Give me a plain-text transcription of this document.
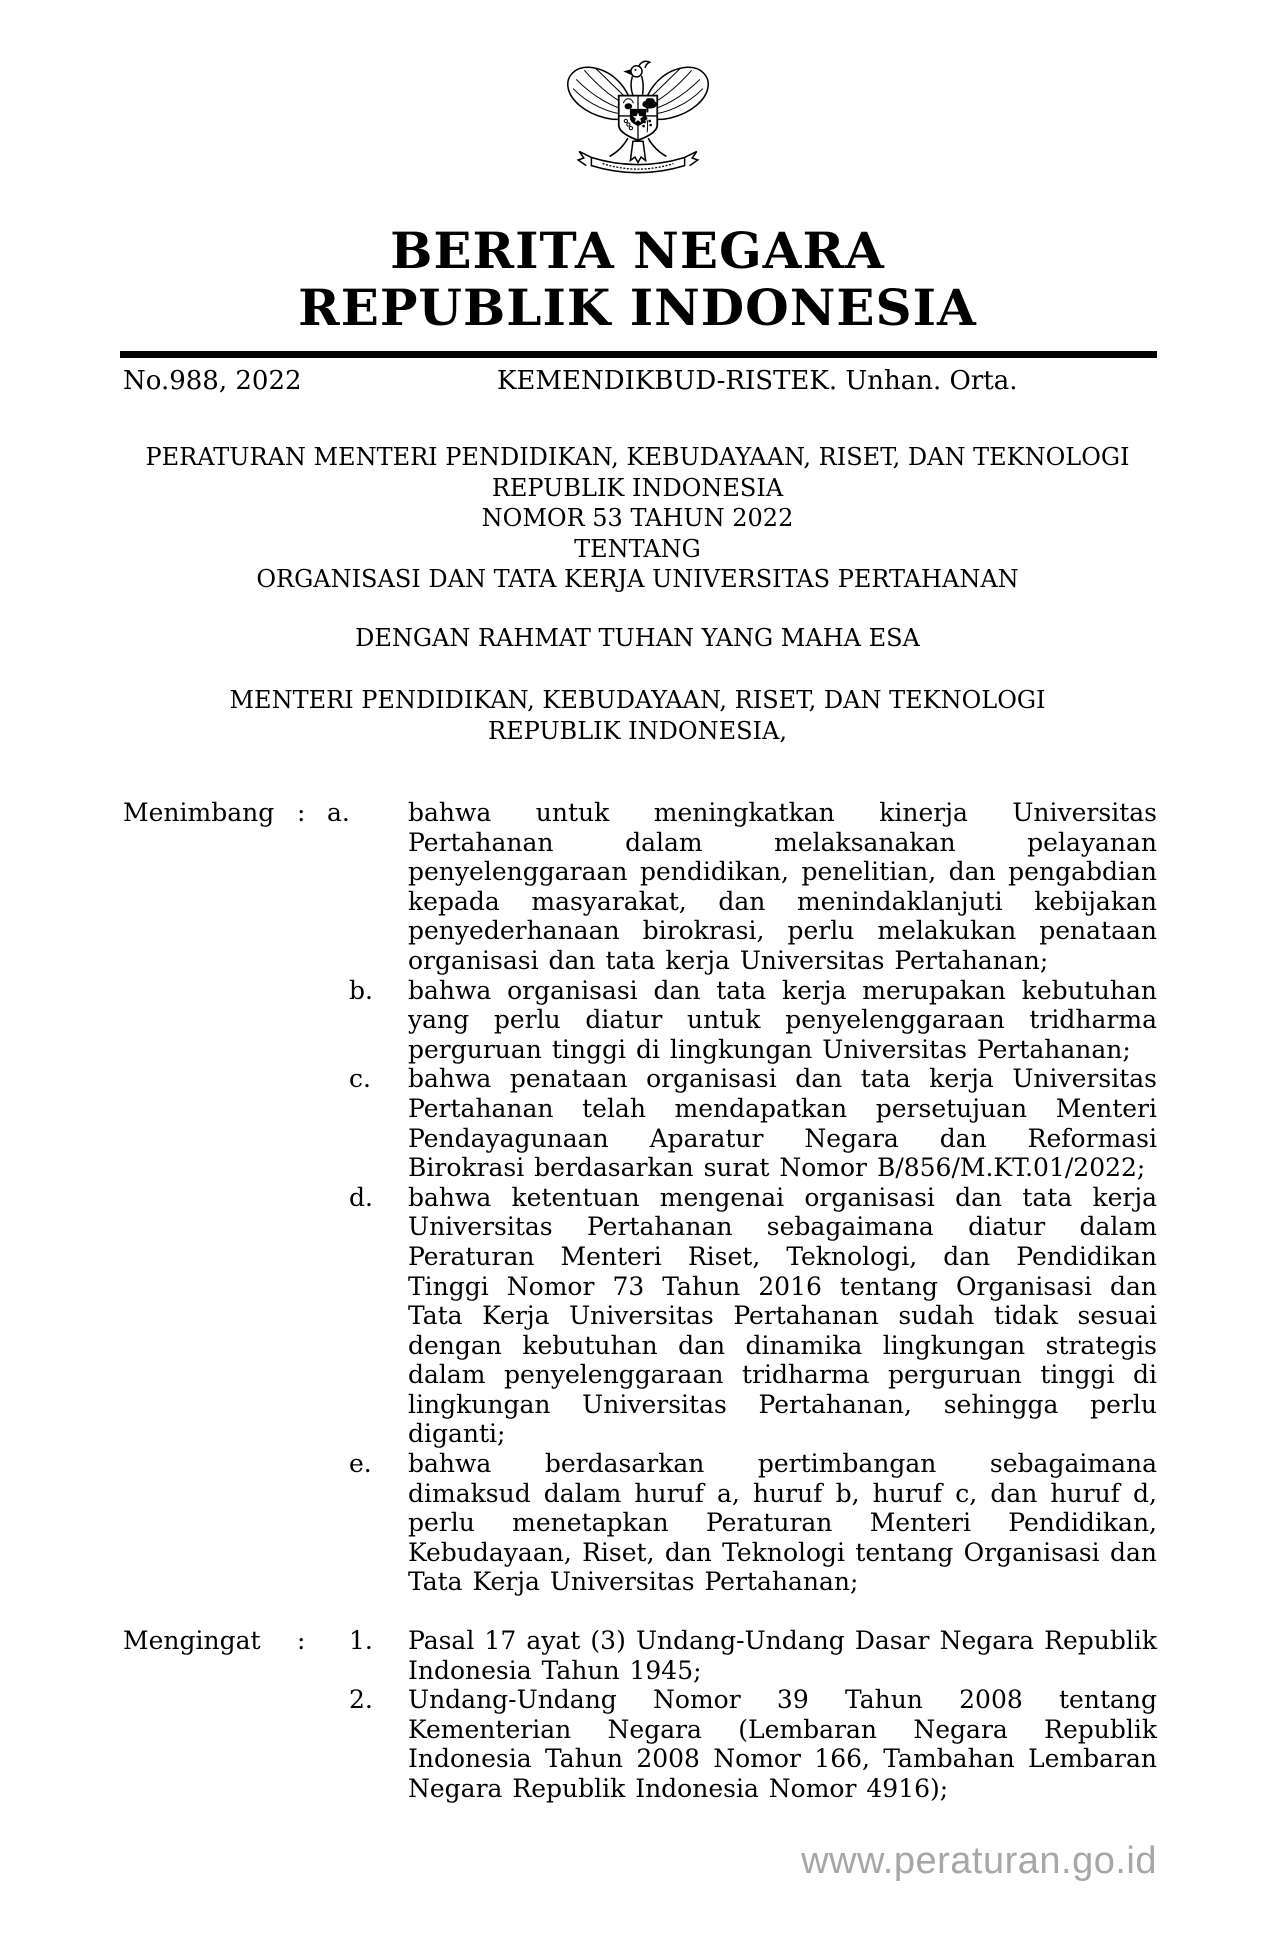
BERITA NEGARA
REPUBLIK INDONESIA
No.988, 2022	KEMENDIKBUD-RISTEK. Unhan. Orta.
PERATURAN MENTERI PENDIDIKAN, KEBUDAYAAN, RISET, DAN TEKNOLOGI
REPUBLIK INDONESIA
NOMOR 53 TAHUN 2022
TENTANG
ORGANISASI DAN TATA KERJA UNIVERSITAS PERTAHANAN
DENGAN RAHMAT TUHAN YANG MAHA ESA
MENTERI PENDIDIKAN, KEBUDAYAAN, RISET, DAN TEKNOLOGI
REPUBLIK INDONESIA,
Menimbang : a.	bahwa untuk meningkatkan kinerja Universitas Pertahanan dalam melaksanakan pelayanan penyelenggaraan pendidikan, penelitian, dan pengabdian kepada masyarakat, dan menindaklanjuti kebijakan penyederhanaan birokrasi, perlu melakukan penataan organisasi dan tata kerja Universitas Pertahanan;
b.	bahwa organisasi dan tata kerja merupakan kebutuhan yang perlu diatur untuk penyelenggaraan tridharma perguruan tinggi di lingkungan Universitas Pertahanan;
c.	bahwa penataan organisasi dan tata kerja Universitas Pertahanan telah mendapatkan persetujuan Menteri Pendayagunaan Aparatur Negara dan Reformasi Birokrasi berdasarkan surat Nomor B/856/M.KT.01/2022;
d.	bahwa ketentuan mengenai organisasi dan tata kerja Universitas Pertahanan sebagaimana diatur dalam Peraturan Menteri Riset, Teknologi, dan Pendidikan Tinggi Nomor 73 Tahun 2016 tentang Organisasi dan Tata Kerja Universitas Pertahanan sudah tidak sesuai dengan kebutuhan dan dinamika lingkungan strategis dalam penyelenggaraan tridharma perguruan tinggi di lingkungan Universitas Pertahanan, sehingga perlu diganti;
e.	bahwa berdasarkan pertimbangan sebagaimana dimaksud dalam huruf a, huruf b, huruf c, dan huruf d, perlu menetapkan Peraturan Menteri Pendidikan, Kebudayaan, Riset, dan Teknologi tentang Organisasi dan Tata Kerja Universitas Pertahanan;
Mengingat	:	1.	Pasal 17 ayat (3) Undang-Undang Dasar Negara Republik Indonesia Tahun 1945;
2.	Undang-Undang Nomor 39 Tahun 2008 tentang Kementerian Negara (Lembaran Negara Republik Indonesia Tahun 2008 Nomor 166, Tambahan Lembaran Negara Republik Indonesia Nomor 4916);
www.peraturan.go.id
